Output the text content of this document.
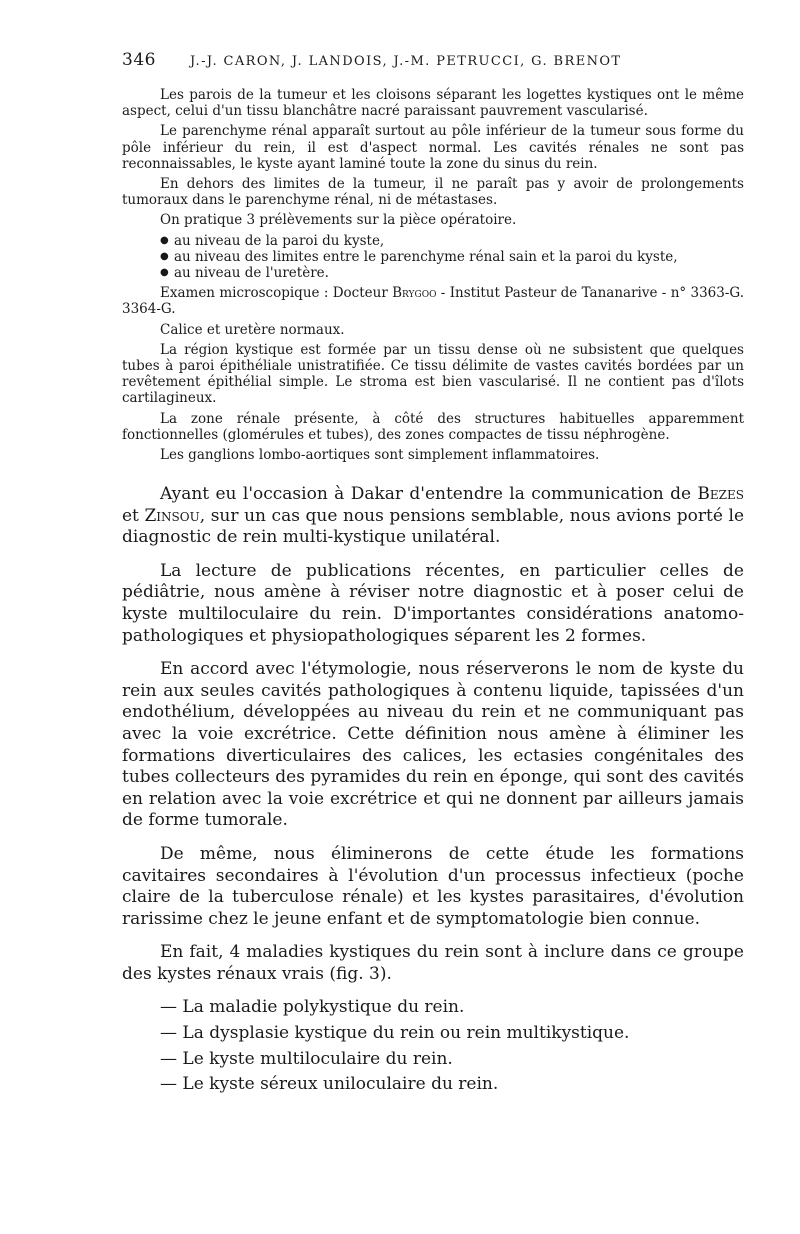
346	J.-J. CARON, J. LANDOIS, J.-M. PETRUCCI, G. BRENOT

Les parois de la tumeur et les cloisons séparant les logettes kystiques ont le même aspect, celui d'un tissu blanchâtre nacré paraissant pauvrement vascularisé.

Le parenchyme rénal apparaît surtout au pôle inférieur de la tumeur sous forme du pôle inférieur du rein, il est d'aspect normal. Les cavités rénales ne sont pas reconnaissables, le kyste ayant laminé toute la zone du sinus du rein.

En dehors des limites de la tumeur, il ne paraît pas y avoir de prolongements tumoraux dans le parenchyme rénal, ni de métastases.

On pratique 3 prélèvements sur la pièce opératoire.

● au niveau de la paroi du kyste,
● au niveau des limites entre le parenchyme rénal sain et la paroi du kyste,
● au niveau de l'uretère.

Examen microscopique : Docteur Brygoo - Institut Pasteur de Tananarive - n° 3363-G. 3364-G.

Calice et uretère normaux.

La région kystique est formée par un tissu dense où ne subsistent que quelques tubes à paroi épithéliale unistratifiée. Ce tissu délimite de vastes cavités bordées par un revêtement épithélial simple. Le stroma est bien vascularisé. Il ne contient pas d'îlots cartilagineux.

La zone rénale présente, à côté des structures habituelles apparemment fonctionnelles (glomérules et tubes), des zones compactes de tissu néphrogène.

Les ganglions lombo-aortiques sont simplement inflammatoires.

Ayant eu l'occasion à Dakar d'entendre la communication de Bezes et Zinsou, sur un cas que nous pensions semblable, nous avions porté le diagnostic de rein multi-kystique unilatéral.

La lecture de publications récentes, en particulier celles de pédiâtrie, nous amène à réviser notre diagnostic et à poser celui de kyste multiloculaire du rein. D'importantes considérations anatomo-pathologiques et physiopathologiques séparent les 2 formes.

En accord avec l'étymologie, nous réserverons le nom de kyste du rein aux seules cavités pathologiques à contenu liquide, tapissées d'un endothélium, développées au niveau du rein et ne communiquant pas avec la voie excrétrice. Cette définition nous amène à éliminer les formations diverticulaires des calices, les ectasies congénitales des tubes collecteurs des pyramides du rein en éponge, qui sont des cavités en relation avec la voie excrétrice et qui ne donnent par ailleurs jamais de forme tumorale.

De même, nous éliminerons de cette étude les formations cavitaires secondaires à l'évolution d'un processus infectieux (poche claire de la tuberculose rénale) et les kystes parasitaires, d'évolution rarissime chez le jeune enfant et de symptomatologie bien connue.

En fait, 4 maladies kystiques du rein sont à inclure dans ce groupe des kystes rénaux vrais (fig. 3).

— La maladie polykystique du rein.
— La dysplasie kystique du rein ou rein multikystique.
— Le kyste multiloculaire du rein.
— Le kyste séreux uniloculaire du rein.
